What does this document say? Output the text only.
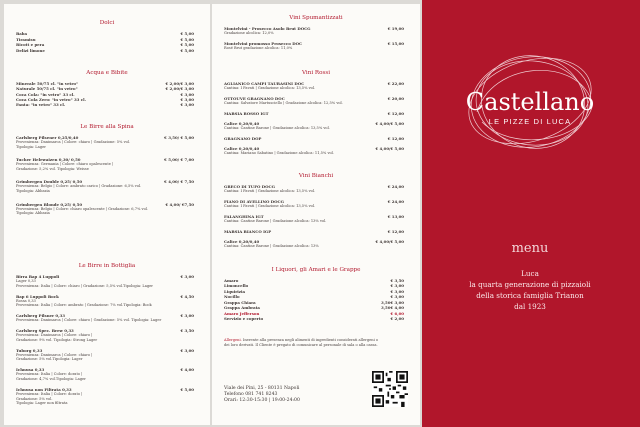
Dolci
Baba	€ 5,00
Tiramisu	€ 5,00
Ricott e pera	€ 5,00
Delizi limone	€ 5,00
Acqua e Bibite
Minerale 50/75 cl. "in vetro"	€ 2,00/€ 3,00
Naturale 50/75 cl. "in vetro"	€ 2,00/€ 3,00
Coca Cola: "in vetro" 33 cl.	€ 3,00
Coca Cola Zero: "in vetro" 33 cl.	€ 3,00
Fanta: "in vetro" 33 cl.	€ 3,00
Le Birre alla Spina
Carlsberg Pilsener 0,25/0,40	€ 3,50/ € 5,00
Provenienza: Danimarca | Colore: chiaro | Gradazione: 5% vol.
Tipologia: Lager
Tucher Helewaizen 0,30/ 0,50	€ 5,00/ € 7,00
Provenienza: Germania | Colore: chiaro opalescente |
Gradazione: 5,2% vol. Tipologia: Weisse
Grimbergen Double 0,25/ 0,50	€ 4,00/ € 7,50
Provenienza: Belgio | Colore: ambrato carico | Gradazione: 6,5% vol.
Tipologia: Abbazia
Grimbergen Blonde 0,25/ 0,50	€ 4,00/ €7,50
Provenienza: Belgio | Colore: chiaro opalescente | Gradazione: 6,7% vol.
Tipologia: Abbazia
Le Birre in Bottiglia
Birra Bap 4 Luppoli	€ 3,00
Lager 0,33
Provenienza: Italia | Colore: chiaro | Gradazione: 5,5% vol.Tipologia: Lager
Bap 6 Luppoli Bock	€ 4,50
Rossa 0,33
Provenienza: Italia | Colore: ambrato | Gradazione: 7% vol.Tipologia: Bock
Carlsberg Pilsner 0,33	€ 3,00
Provenienza: Danimarca | Colore: chiaro | Gradazione: 5% vol. Tipologia: Lager
Carlsberg Spec. Brew 0,33	€ 3,50
Provenienza: Danimarca | Colore: chiaro |
Gradazione: 9% vol. Tipologia: Strong Lager
Tuborg 0,33	€ 3,00
Provenienza: Danimarca | Colore: chiaro |
Gradazione: 5% vol.Tipologia: Lager
Ichnusa 0,33	€ 4,00
Provenienza: Italia | Colore: dorato |
Gradazione: 4,7% vol.Tipologia: Lager
Ichnusa non Filtrata 0,33	€ 5,00
Provenienza: Italia | Colore: dorato |
Gradazione: 5% vol.
Tipologia: Lager non filtrata
Vini Spumantizzati
Montelvini - Prosecco Asolo Brut DOCG	€ 19,00
Gradazione alcolica: 12,0%
Montelvini promosso Prosecco DOC	€ 15,00
Rosé Brut gradazione alcolica: 11,0%
Vini Rossi
AGLIANICO CAMPI TAURASINI DOC	€ 22,00
Cantina: I Favati | Gradazione alcolica: 13,5% vol.
OTTOUVE GRAGNANO DOC	€ 20,00
Cantina: Salvatore Martusciello | Gradazione alcolica: 12,5% vol.
MARSIA ROSSO IGT	€ 12,00
Calice 0,20/0,40	€ 4,00/€ 5,00
Cantina: Cantine Barone | Gradazione alcolica: 13,5% vol.
GRAGNANO DOP	€ 12,00
Calice 0,20/0,40	€ 4,00/€ 5,00
Cantina: Mariano Sabatino | Gradazione alcolica: 11,5% vol.
Vini Bianchi
GRECO DI TUFO DOCG	€ 24,00
Cantina: I Favati | Gradazione alcolica: 13,5% vol.
FIANO DI AVELLINO DOCG	€ 24,00
Cantina: I Favati | Gradazione alcolica: 13,5% vol.
FALANGHINA IGT	€ 13,00
Cantina: Cantine Barone | Gradazione alcolica: 13% vol.
MARSIA BIANCO IGP	€ 12,00
Calice 0,20/0,40	€ 4,00/€ 5,00
Cantina: Cantine Barone | Gradazione alcolica: 13%
I Liquori, gli Amari e le Grappe
Amaro	€ 3,50
Limoncello	€ 3,00
Liquirizia	€ 3,00
Nocillo	€ 3,00
Grappa Chiara	3,50€ 3,00
Grappa Ambrata	3,50€ 4,00
Amaro Jefferson	€ 6,00
Servizio e coperto	€ 2,00
Allergeni. Inerente alla presenza negli alimenti di ingredienti considerati allergeni o
dei loro derivati. Il Cliente è pregato di comunicare al personale di sala o alla cassa.
Castellano
LE PIZZE DI LUCA
menu
Luca
la quarta generazione di pizzaioli
della storica famiglia Trianon
dal 1923
Viale dei Pini, 25 - 80131 Napoli
Telefono 081 741 8243
Orari: 12:30-15:30 | 19:00-24:00
